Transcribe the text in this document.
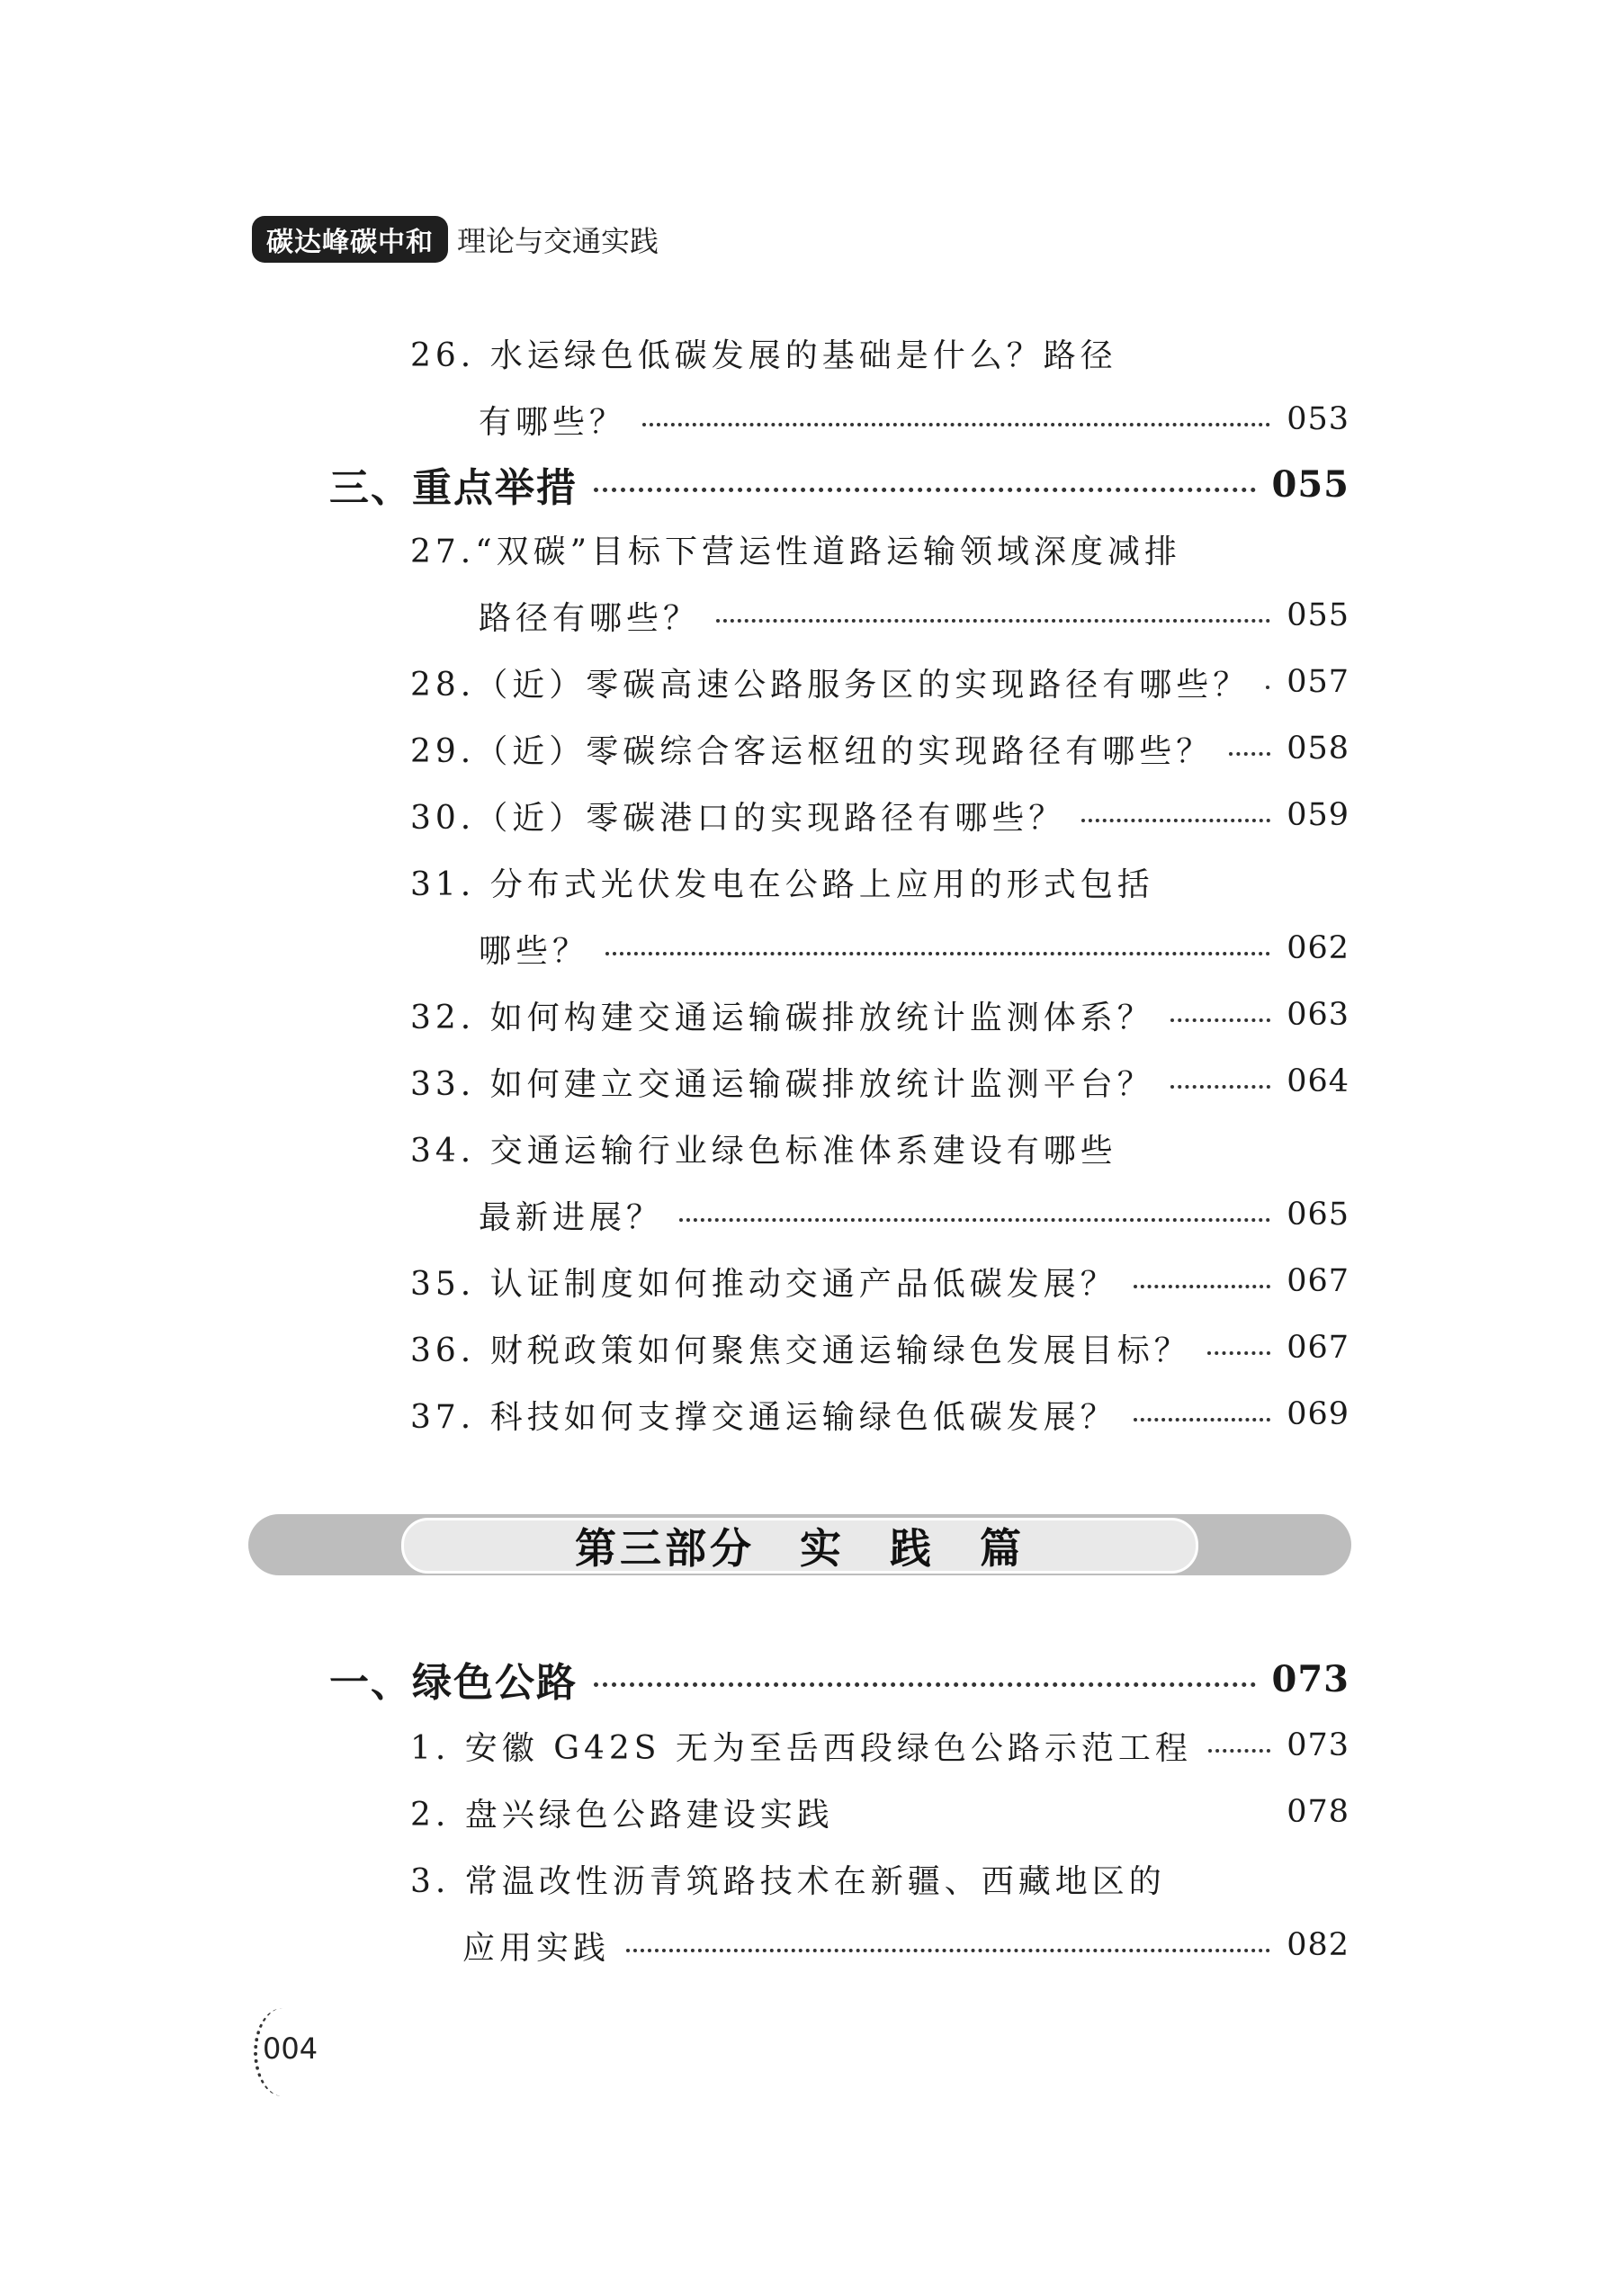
碳达峰碳中和 理论与交通实践
26. 水运绿色低碳发展的基础是什么？路径
有哪些？	053
三、重点举措	055
27.“双碳”目标下营运性道路运输领域深度减排
路径有哪些？	055
28.（近）零碳高速公路服务区的实现路径有哪些？ 057
29.（近）零碳综合客运枢纽的实现路径有哪些？ 058
30.（近）零碳港口的实现路径有哪些？	059
31. 分布式光伏发电在公路上应用的形式包括
哪些？	062
32. 如何构建交通运输碳排放统计监测体系？	063
33. 如何建立交通运输碳排放统计监测平台？	064
34. 交通运输行业绿色标准体系建设有哪些
最新进展？	065
35. 认证制度如何推动交通产品低碳发展？	067
36. 财税政策如何聚焦交通运输绿色发展目标？	067
37. 科技如何支撑交通运输绿色低碳发展？	069
第三部分　实　践　篇
一、绿色公路	073
1. 安徽 G42S 无为至岳西段绿色公路示范工程	073
2. 盘兴绿色公路建设实践	078
3. 常温改性沥青筑路技术在新疆、西藏地区的
应用实践	082
004
